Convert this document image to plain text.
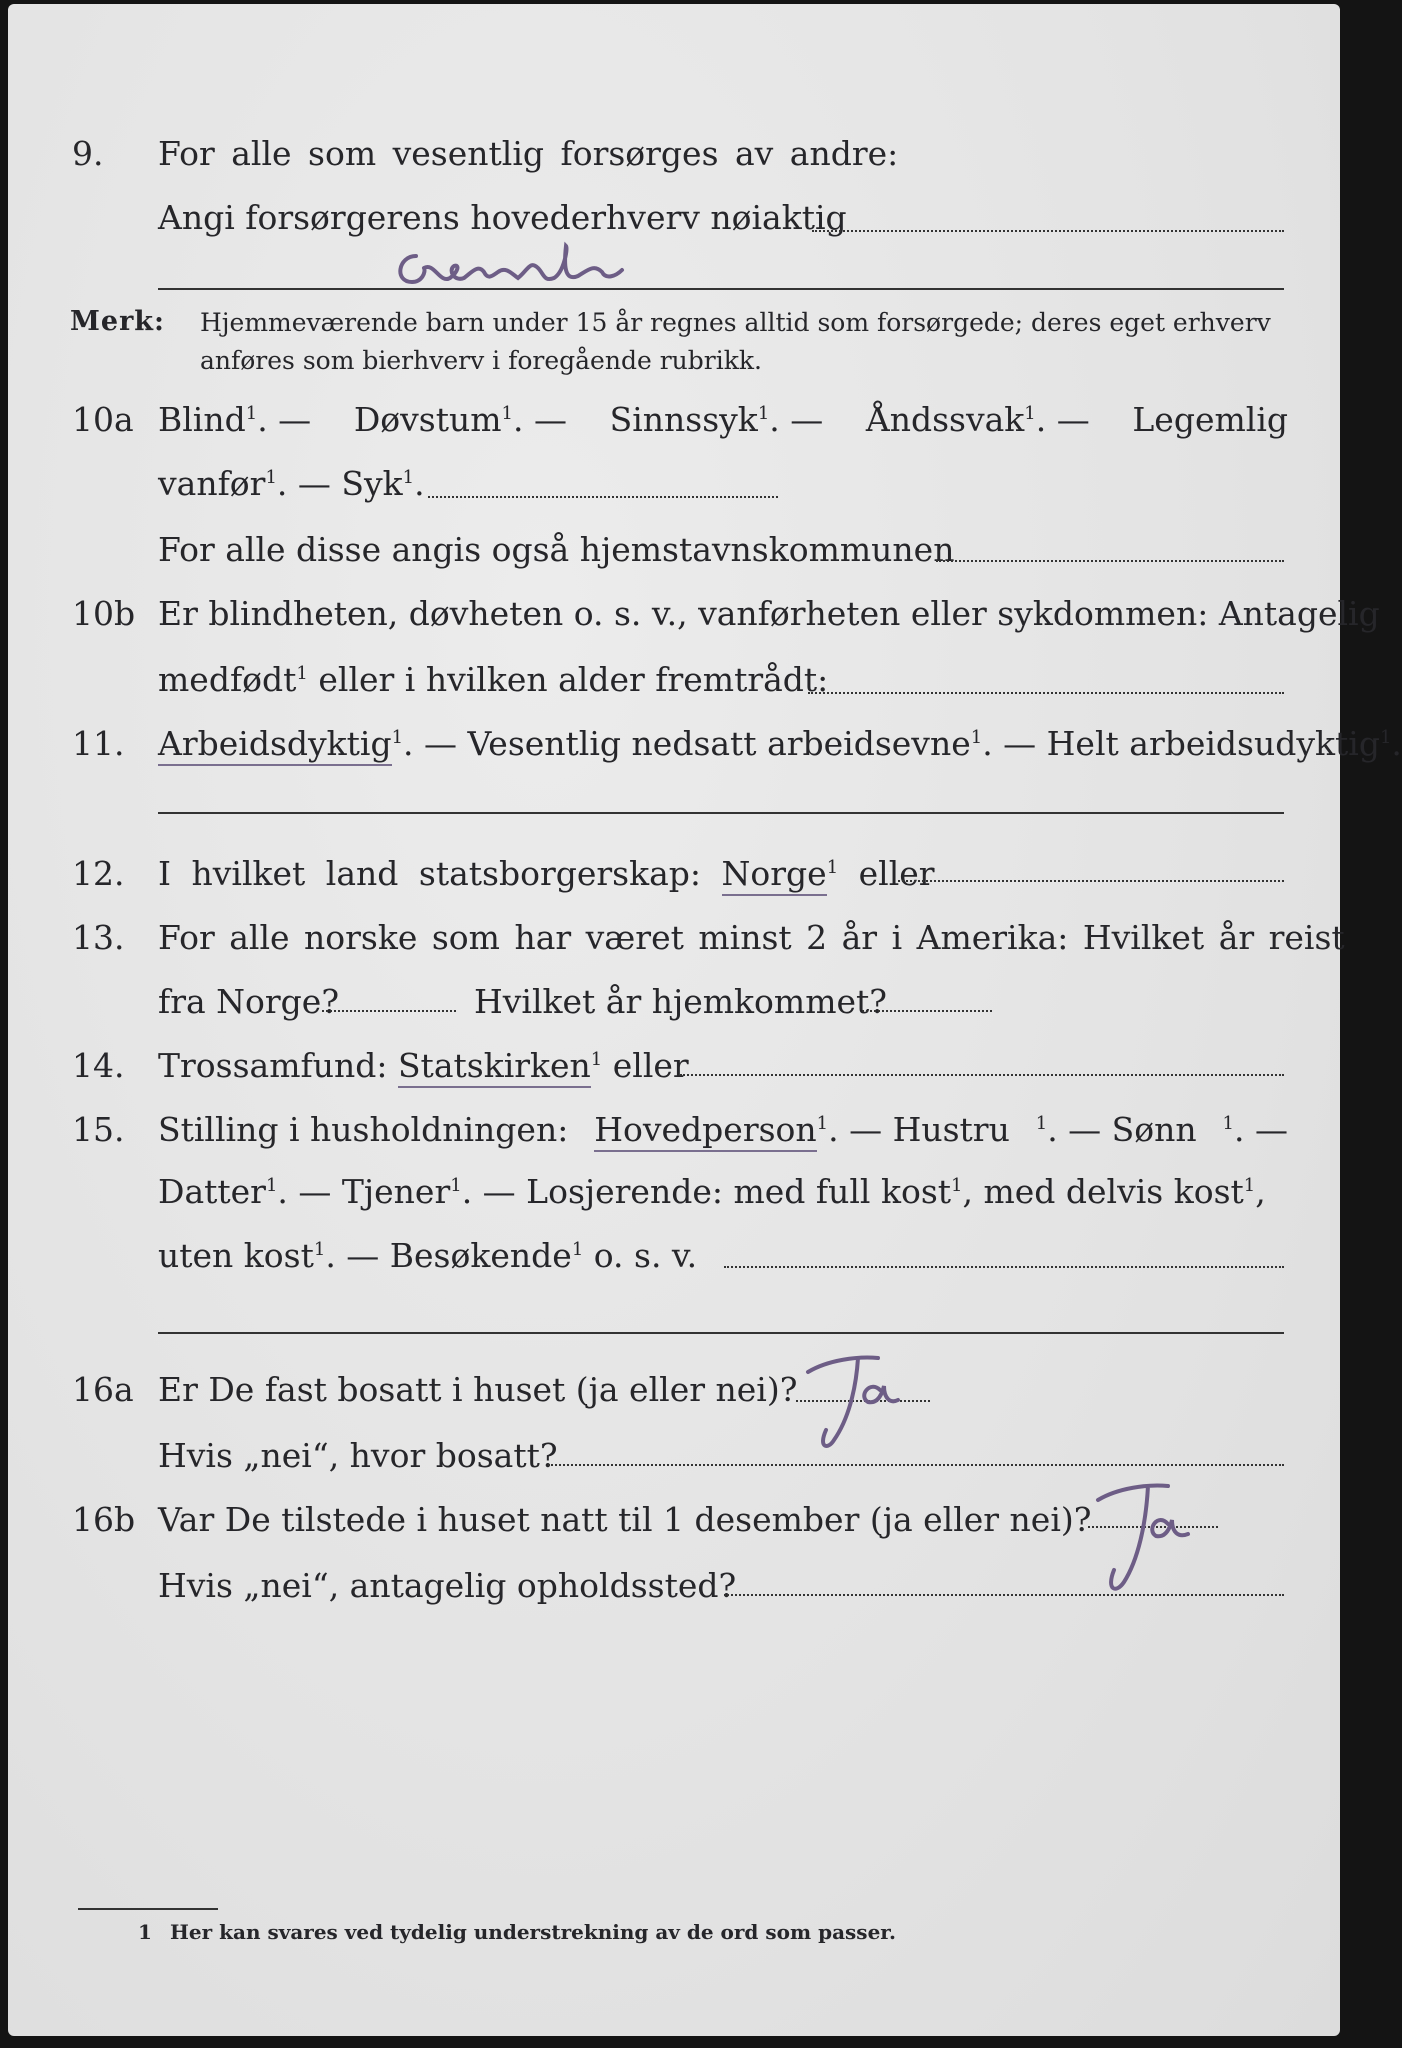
9. For alle som vesentlig forsørges av andre:
Angi forsørgerens hovederhverv nøiaktig
Merk: Hjemmeværende barn under 15 år regnes alltid som forsørgede; deres eget erhverv
anføres som bierhverv i foregående rubrikk.
10a Blind$^1$. — Døvstum$^1$. — Sinnssyk$^1$. — Åndssvak$^1$. — Legemlig
vanfør$^1$. — Syk$^1$.
For alle disse angis også hjemstavnskommunen
10b Er blindheten, døvheten o. s. v., vanførheten eller sykdommen: Antagelig
medfødt$^1$ eller i hvilken alder fremtrådt:
11. Arbeidsdyktig$^1$. — Vesentlig nedsatt arbeidsevne$^1$. — Helt arbeidsudyktig$^1$.
12. I hvilket land statsborgerskap: Norge$^1$ eller
13. For alle norske som har været minst 2 år i Amerika: Hvilket år reist
fra Norge?	Hvilket år hjemkommet?
14. Trossamfund: Statskirken$^1$ eller
15. Stilling i husholdningen: Hovedperson$^1$. — Hustru $^1$. — Sønn $^1$. —
Datter$^1$. — Tjener$^1$. — Losjerende: med full kost$^1$, med delvis kost$^1$,
uten kost$^1$. — Besøkende$^1$ o. s. v.
16a Er De fast bosatt i huset (ja eller nei)?
Hvis „nei“, hvor bosatt?
16b Var De tilstede i huset natt til 1 desember (ja eller nei)?
Hvis „nei“, antagelig opholdssted?
1 Her kan svares ved tydelig understrekning av de ord som passer.
